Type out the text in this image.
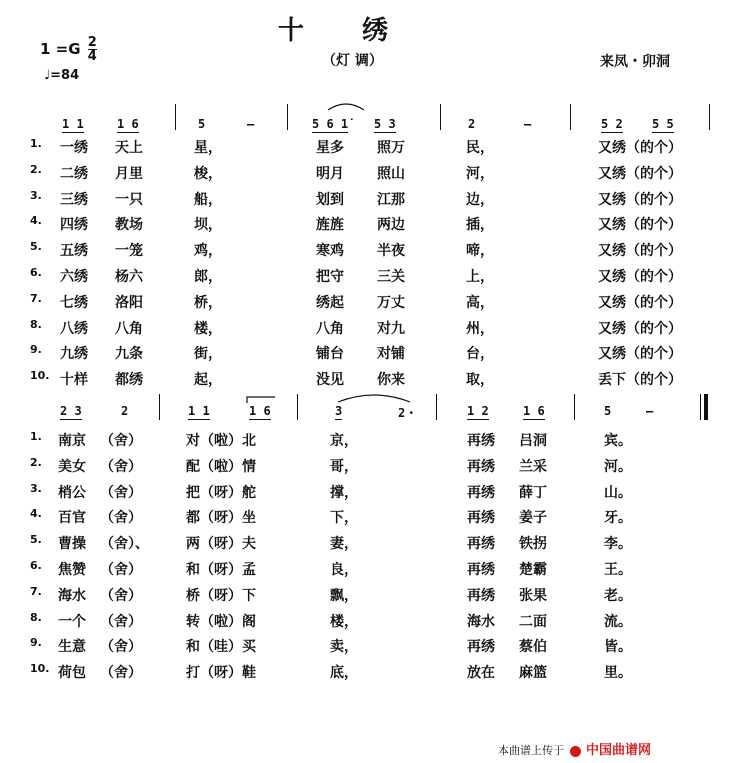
十绣
$1 =G \frac{2}{4}$
♩=84
（灯 调）	来凤・卯洞
1 1	1 6	5	—	5 6 1̇ 5 3	2	—	5 2 5 5
1. 一绣 天上	星，	星多 照万	民，	又绣（的个）
2. 二绣 月里	梭，	明月 照山	河，	又绣（的个）
3. 三绣 一只	船，	划到 江那	边，	又绣（的个）
4. 四绣 教场	坝，	旌旌 两边	插，	又绣（的个）
5. 五绣 一笼	鸡，	寒鸡 半夜	啼，	又绣（的个）
6. 六绣 杨六	郎，	把守 三关	上，	又绣（的个）
7. 七绣 洛阳	桥，	绣起 万丈	高，	又绣（的个）
8. 八绣 八角	楼，	八角 对九	州，	又绣（的个）
9. 九绣 九条	街，	铺台 对铺	台，	又绣（的个）
10. 十样 都绣	起，	没见 你来	取，	丢下（的个）
2 3	2	1 1	1 6	3	2・	1 2	1 6	5	—
1. 南京 （舍）	对（啦）北	京，	再绣 吕洞	宾。
2. 美女 （舍）	配（啦）情	哥，	再绣 兰采	河。
3. 梢公 （舍）	把（呀）舵	撑，	再绣 薛丁	山。
4. 百官 （舍）	都（呀）坐	下，	再绣 姜子	牙。
5. 曹操 （舍）、	两（呀）夫	妻，	再绣 铁拐	李。
6. 焦赞 （舍）	和（呀）孟	良，	再绣 楚霸	王。
7. 海水 （舍）	桥（呀）下	飘，	再绣 张果	老。
8. 一个 （舍）	转（啦）阁	楼，	海水 二面	流。
9. 生意 （舍）	和（哇）买	卖，	再绣 蔡伯	皆。
10. 荷包 （舍）	打（呀）鞋	底，	放在 麻篮	里。
本曲谱上传于 中国曲谱网
